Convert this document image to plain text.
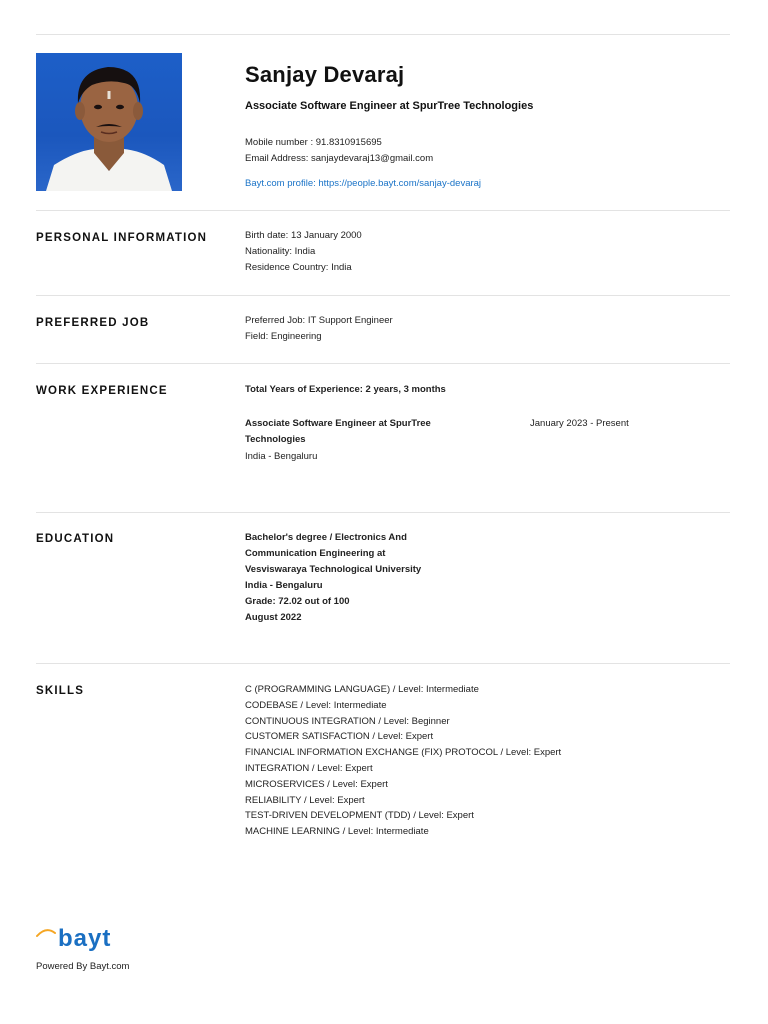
Sanjay Devaraj
Associate Software Engineer at SpurTree Technologies
Mobile number : 91.8310915695
Email Address: sanjaydevaraj13@gmail.com
Bayt.com profile: https://people.bayt.com/sanjay-devaraj
PERSONAL INFORMATION	Birth date: 13 January 2000
Nationality: India
Residence Country: India
PREFERRED JOB	Preferred Job: IT Support Engineer
Field: Engineering
WORK EXPERIENCE	Total Years of Experience: 2 years, 3 months
Associate Software Engineer at SpurTree
Technologies
India - Bengaluru
January 2023 - Present
EDUCATION	Bachelor's degree / Electronics And
Communication Engineering at
Vesviswaraya Technological University
India - Bengaluru
Grade: 72.02 out of 100
August 2022
SKILLS	C (PROGRAMMING LANGUAGE) / Level: Intermediate
CODEBASE / Level: Intermediate
CONTINUOUS INTEGRATION / Level: Beginner
CUSTOMER SATISFACTION / Level: Expert
FINANCIAL INFORMATION EXCHANGE (FIX) PROTOCOL / Level: Expert
INTEGRATION / Level: Expert
MICROSERVICES / Level: Expert
RELIABILITY / Level: Expert
TEST-DRIVEN DEVELOPMENT (TDD) / Level: Expert
MACHINE LEARNING / Level: Intermediate
bayt
Powered By Bayt.com
